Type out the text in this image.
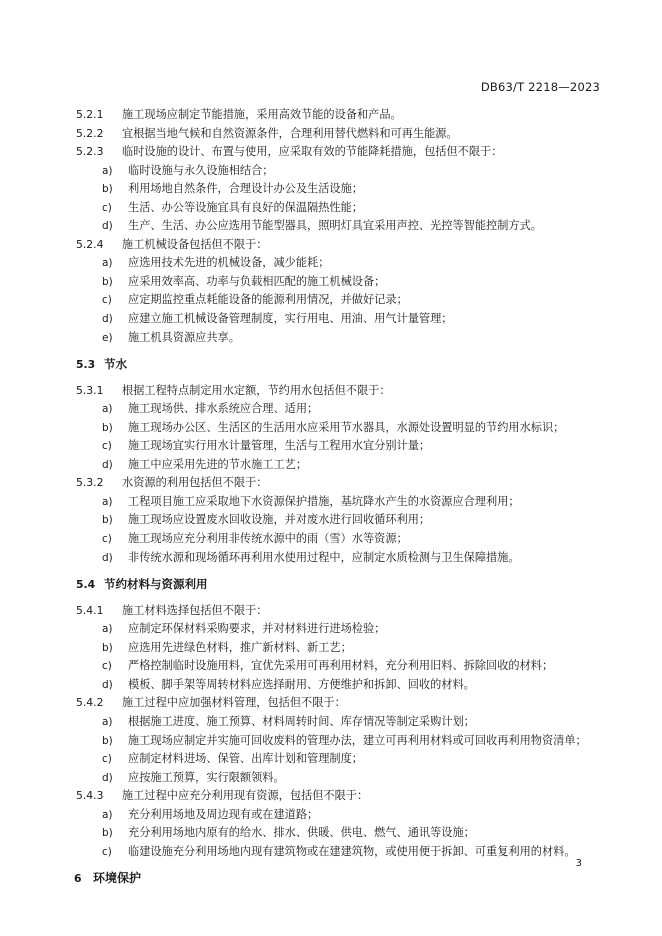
DB63/T 2218—2023
5.2.1 施工现场应制定节能措施，采用高效节能的设备和产品。
5.2.2 宜根据当地气候和自然资源条件，合理利用替代燃料和可再生能源。
5.2.3 临时设施的设计、布置与使用，应采取有效的节能降耗措施，包括但不限于：
a) 临时设施与永久设施相结合；
b) 利用场地自然条件，合理设计办公及生活设施；
c) 生活、办公等设施宜具有良好的保温隔热性能；
d) 生产、生活、办公应选用节能型器具，照明灯具宜采用声控、光控等智能控制方式。
5.2.4 施工机械设备包括但不限于：
a) 应选用技术先进的机械设备，减少能耗；
b) 应采用效率高、功率与负载相匹配的施工机械设备；
c) 应定期监控重点耗能设备的能源利用情况，并做好记录；
d) 应建立施工机械设备管理制度，实行用电、用油、用气计量管理；
e) 施工机具资源应共享。
5.3 节水
5.3.1 根据工程特点制定用水定额，节约用水包括但不限于：
a) 施工现场供、排水系统应合理、适用；
b) 施工现场办公区、生活区的生活用水应采用节水器具，水源处设置明显的节约用水标识；
c) 施工现场宜实行用水计量管理，生活与工程用水宜分别计量；
d) 施工中应采用先进的节水施工工艺；
5.3.2 水资源的利用包括但不限于：
a) 工程项目施工应采取地下水资源保护措施，基坑降水产生的水资源应合理利用；
b) 施工现场应设置废水回收设施，并对废水进行回收循环利用；
c) 施工现场应充分利用非传统水源中的雨（雪）水等资源；
d) 非传统水源和现场循环再利用水使用过程中，应制定水质检测与卫生保障措施。
5.4 节约材料与资源利用
5.4.1 施工材料选择包括但不限于：
a) 应制定环保材料采购要求，并对材料进行进场检验；
b) 应选用先进绿色材料，推广新材料、新工艺；
c) 严格控制临时设施用料，宜优先采用可再利用材料，充分利用旧料、拆除回收的材料；
d) 模板、脚手架等周转材料应选择耐用、方便维护和拆卸、回收的材料。
5.4.2 施工过程中应加强材料管理，包括但不限于：
a) 根据施工进度、施工预算、材料周转时间、库存情况等制定采购计划；
b) 施工现场应制定并实施可回收废料的管理办法，建立可再利用材料或可回收再利用物资清单；
c) 应制定材料进场、保管、出库计划和管理制度；
d) 应按施工预算，实行限额领料。
5.4.3 施工过程中应充分利用现有资源，包括但不限于：
a) 充分利用场地及周边现有或在建道路；
b) 充分利用场地内原有的给水、排水、供暖、供电、燃气、通讯等设施；
c) 临建设施充分利用场地内现有建筑物或在建建筑物，或使用便于拆卸、可重复利用的材料。
6 环境保护
3
